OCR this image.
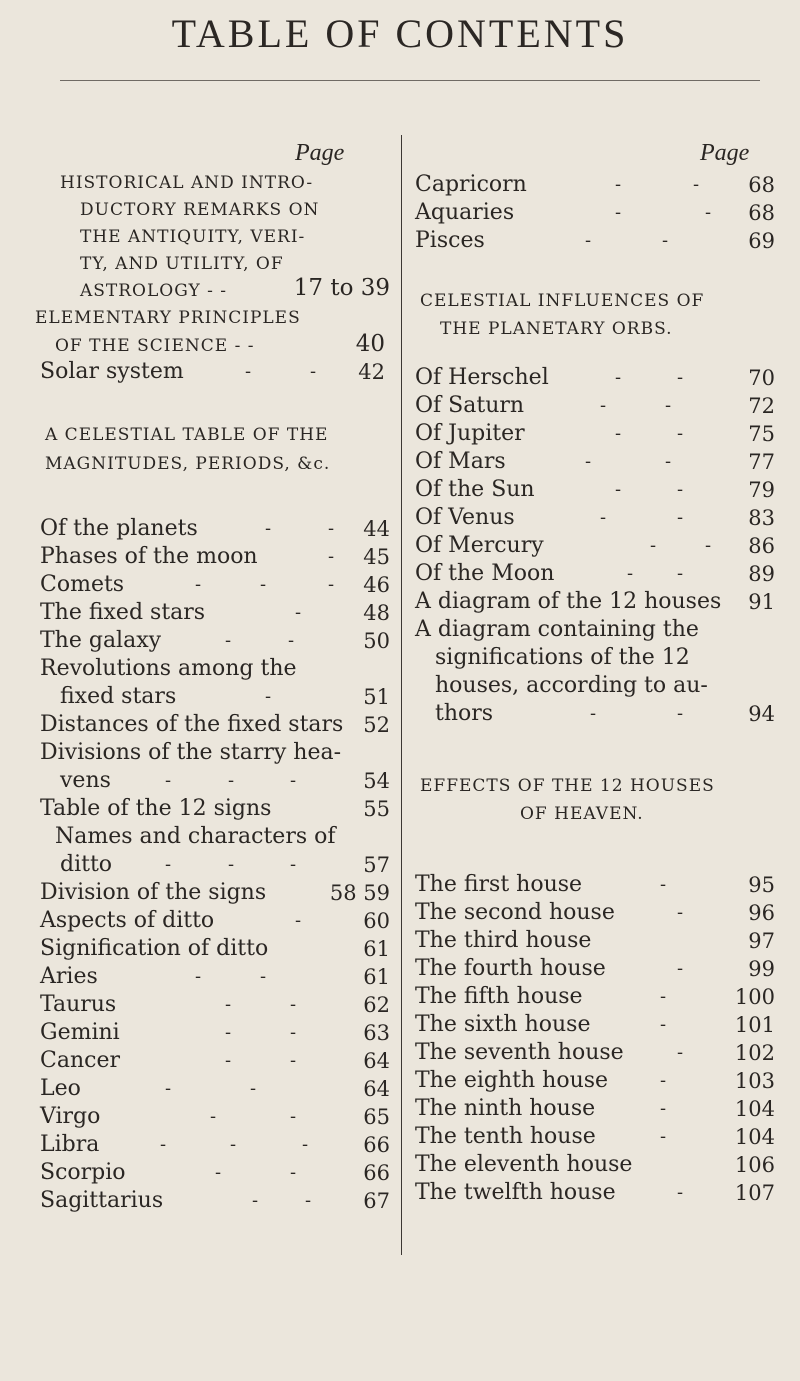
TABLE OF CONTENTS
Page
HISTORICAL AND INTRO-
DUCTORY REMARKS ON
THE ANTIQUITY, VERI-
TY, AND UTILITY, OF
ASTROLOGY - -	17 to 39
ELEMENTARY PRINCIPLES
OF THE SCIENCE - -	40
Solar system	-	- 42
A CELESTIAL TABLE OF THE
MAGNITUDES, PERIODS, &c.
Of the planets	-	- 44
Phases of the moon	- 45
Comets	-	-	- 46
The fixed stars	-	48
The galaxy	-	-	50
Revolutions among the
fixed stars	-	51
Distances of the fixed stars 52
Divisions of the starry hea-
vens	-	-	-	54
Table of the 12 signs	55
Names and characters of
ditto	-	-	-	57
Division of the signs	58 59
Aspects of ditto	-	60
Signification of ditto	61
Aries	-	-	61
Taurus	-	-	62
Gemini	-	-	63
Cancer	-	-	64
Leo	-	-	64
Virgo	-	-	65
Libra	-	-	-	66
Scorpio	-	-	66
Sagittarius	-	- 67
Page
Capricorn	-	- 68
Aquaries	-	- 68
Pisces	-	-	69
CELESTIAL INFLUENCES OF
THE PLANETARY ORBS.
Of Herschel	-	-	70
Of Saturn	-	-	72
Of Jupiter	-	-	75
Of Mars	-	-	77
Of the Sun	-	-	79
Of Venus	-	-	83
Of Mercury	-	- 86
Of the Moon	- -	89
A diagram of the 12 houses 91
A diagram containing the
significations of the 12
houses, according to au-
thors	-	-	94
EFFECTS OF THE 12 HOUSES
OF HEAVEN.
The first house	-	95
The second house	-	96
The third house	97
The fourth house	-	99
The fifth house	-	100
The sixth house	-	101
The seventh house	- 102
The eighth house	-	103
The ninth house	-	104
The tenth house	-	104
The eleventh house	106
The twelfth house	- 107
